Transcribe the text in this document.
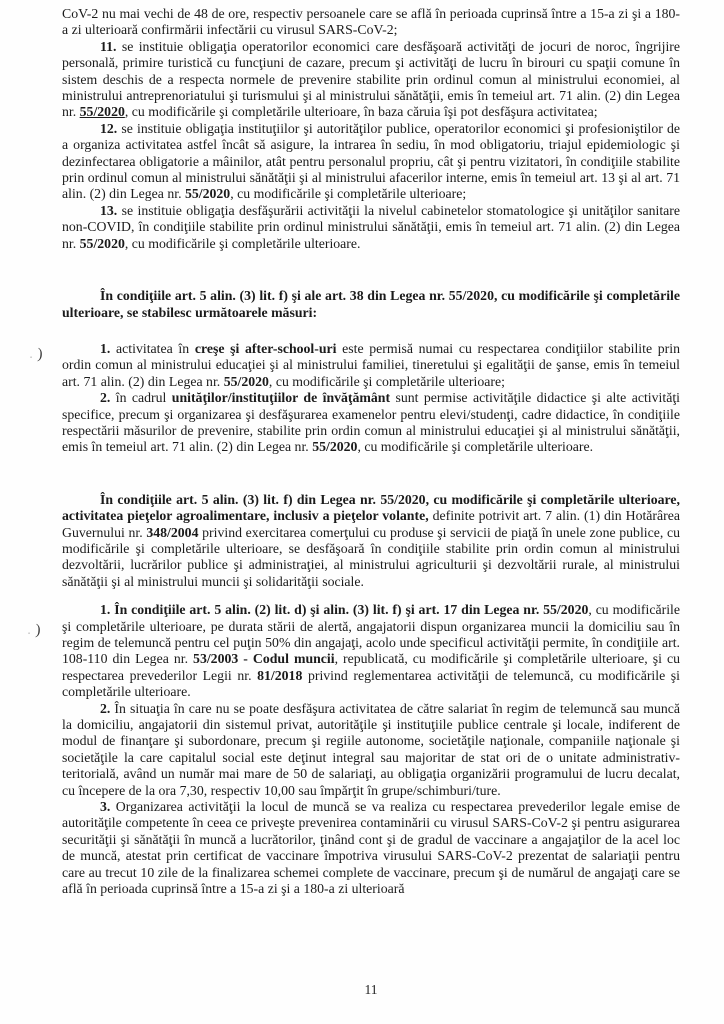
. )
. )

CoV-2 nu mai vechi de 48 de ore, respectiv persoanele care se află în perioada cuprinsă între a 15-a zi şi a 180-a zi ulterioară confirmării infectării cu virusul SARS-CoV-2;

11. se instituie obligaţia operatorilor economici care desfăşoară activităţi de jocuri de noroc, îngrijire personală, primire turistică cu funcţiuni de cazare, precum şi activităţi de lucru în birouri cu spaţii comune în sistem deschis de a respecta normele de prevenire stabilite prin ordinul comun al ministrului economiei, al ministrului antreprenoriatului şi turismului şi al ministrului sănătăţii, emis în temeiul art. 71 alin. (2) din Legea nr. 55/2020, cu modificările şi completările ulterioare, în baza căruia îşi pot desfăşura activitatea;

12. se instituie obligaţia instituţiilor şi autorităţilor publice, operatorilor economici şi profesioniştilor de a organiza activitatea astfel încât să asigure, la intrarea în sediu, în mod obligatoriu, triajul epidemiologic şi dezinfectarea obligatorie a mâinilor, atât pentru personalul propriu, cât şi pentru vizitatori, în condiţiile stabilite prin ordinul comun al ministrului sănătăţii şi al ministrului afacerilor interne, emis în temeiul art. 13 şi al art. 71 alin. (2) din Legea nr. 55/2020, cu modificările şi completările ulterioare;

13. se instituie obligaţia desfăşurării activităţii la nivelul cabinetelor stomatologice şi unităţilor sanitare non-COVID, în condiţiile stabilite prin ordinul ministrului sănătăţii, emis în temeiul art. 71 alin. (2) din Legea nr. 55/2020, cu modificările şi completările ulterioare.

În condiţiile art. 5 alin. (3) lit. f) şi ale art. 38 din Legea nr. 55/2020, cu modificările şi completările ulterioare, se stabilesc următoarele măsuri:

1. activitatea în creşe şi after-school-uri este permisă numai cu respectarea condiţiilor stabilite prin ordin comun al ministrului educaţiei şi al ministrului familiei, tineretului şi egalităţii de şanse, emis în temeiul art. 71 alin. (2) din Legea nr. 55/2020, cu modificările şi completările ulterioare;

2. în cadrul unităţilor/instituţiilor de învăţământ sunt permise activităţile didactice şi alte activităţi specifice, precum şi organizarea şi desfăşurarea examenelor pentru elevi/studenţi, cadre didactice, în condiţiile respectării măsurilor de prevenire, stabilite prin ordin comun al ministrului educaţiei şi al ministrului sănătăţii, emis în temeiul art. 71 alin. (2) din Legea nr. 55/2020, cu modificările şi completările ulterioare.

În condiţiile art. 5 alin. (3) lit. f) din Legea nr. 55/2020, cu modificările şi completările ulterioare, activitatea pieţelor agroalimentare, inclusiv a pieţelor volante, definite potrivit art. 7 alin. (1) din Hotărârea Guvernului nr. 348/2004 privind exercitarea comerţului cu produse şi servicii de piaţă în unele zone publice, cu modificările şi completările ulterioare, se desfăşoară în condiţiile stabilite prin ordin comun al ministrului dezvoltării, lucrărilor publice şi administraţiei, al ministrului agriculturii şi dezvoltării rurale, al ministrului sănătăţii şi al ministrului muncii şi solidarităţii sociale.

1. În condiţiile art. 5 alin. (2) lit. d) şi alin. (3) lit. f) şi art. 17 din Legea nr. 55/2020, cu modificările şi completările ulterioare, pe durata stării de alertă, angajatorii dispun organizarea muncii la domiciliu sau în regim de telemuncă pentru cel puţin 50% din angajaţi, acolo unde specificul activităţii permite, în condiţiile art. 108-110 din Legea nr. 53/2003 - Codul muncii, republicată, cu modificările şi completările ulterioare, şi cu respectarea prevederilor Legii nr. 81/2018 privind reglementarea activităţii de telemuncă, cu modificările şi completările ulterioare.

2. În situaţia în care nu se poate desfăşura activitatea de către salariat în regim de telemuncă sau muncă la domiciliu, angajatorii din sistemul privat, autorităţile şi instituţiile publice centrale şi locale, indiferent de modul de finanţare şi subordonare, precum şi regiile autonome, societăţile naţionale, companiile naţionale şi societăţile la care capitalul social este deţinut integral sau majoritar de stat ori de o unitate administrativ-teritorială, având un număr mai mare de 50 de salariaţi, au obligaţia organizării programului de lucru decalat, cu începere de la ora 7,30, respectiv 10,00 sau împărţit în grupe/schimburi/ture.

3. Organizarea activităţii la locul de muncă se va realiza cu respectarea prevederilor legale emise de autorităţile competente în ceea ce priveşte prevenirea contaminării cu virusul SARS-CoV-2 şi pentru asigurarea securităţii şi sănătăţii în muncă a lucrătorilor, ţinând cont şi de gradul de vaccinare a angajaţilor de la acel loc de muncă, atestat prin certificat de vaccinare împotriva virusului SARS-CoV-2 prezentat de salariaţii pentru care au trecut 10 zile de la finalizarea schemei complete de vaccinare, precum şi de numărul de angajaţi care se află în perioada cuprinsă între a 15-a zi şi a 180-a zi ulterioară

11
